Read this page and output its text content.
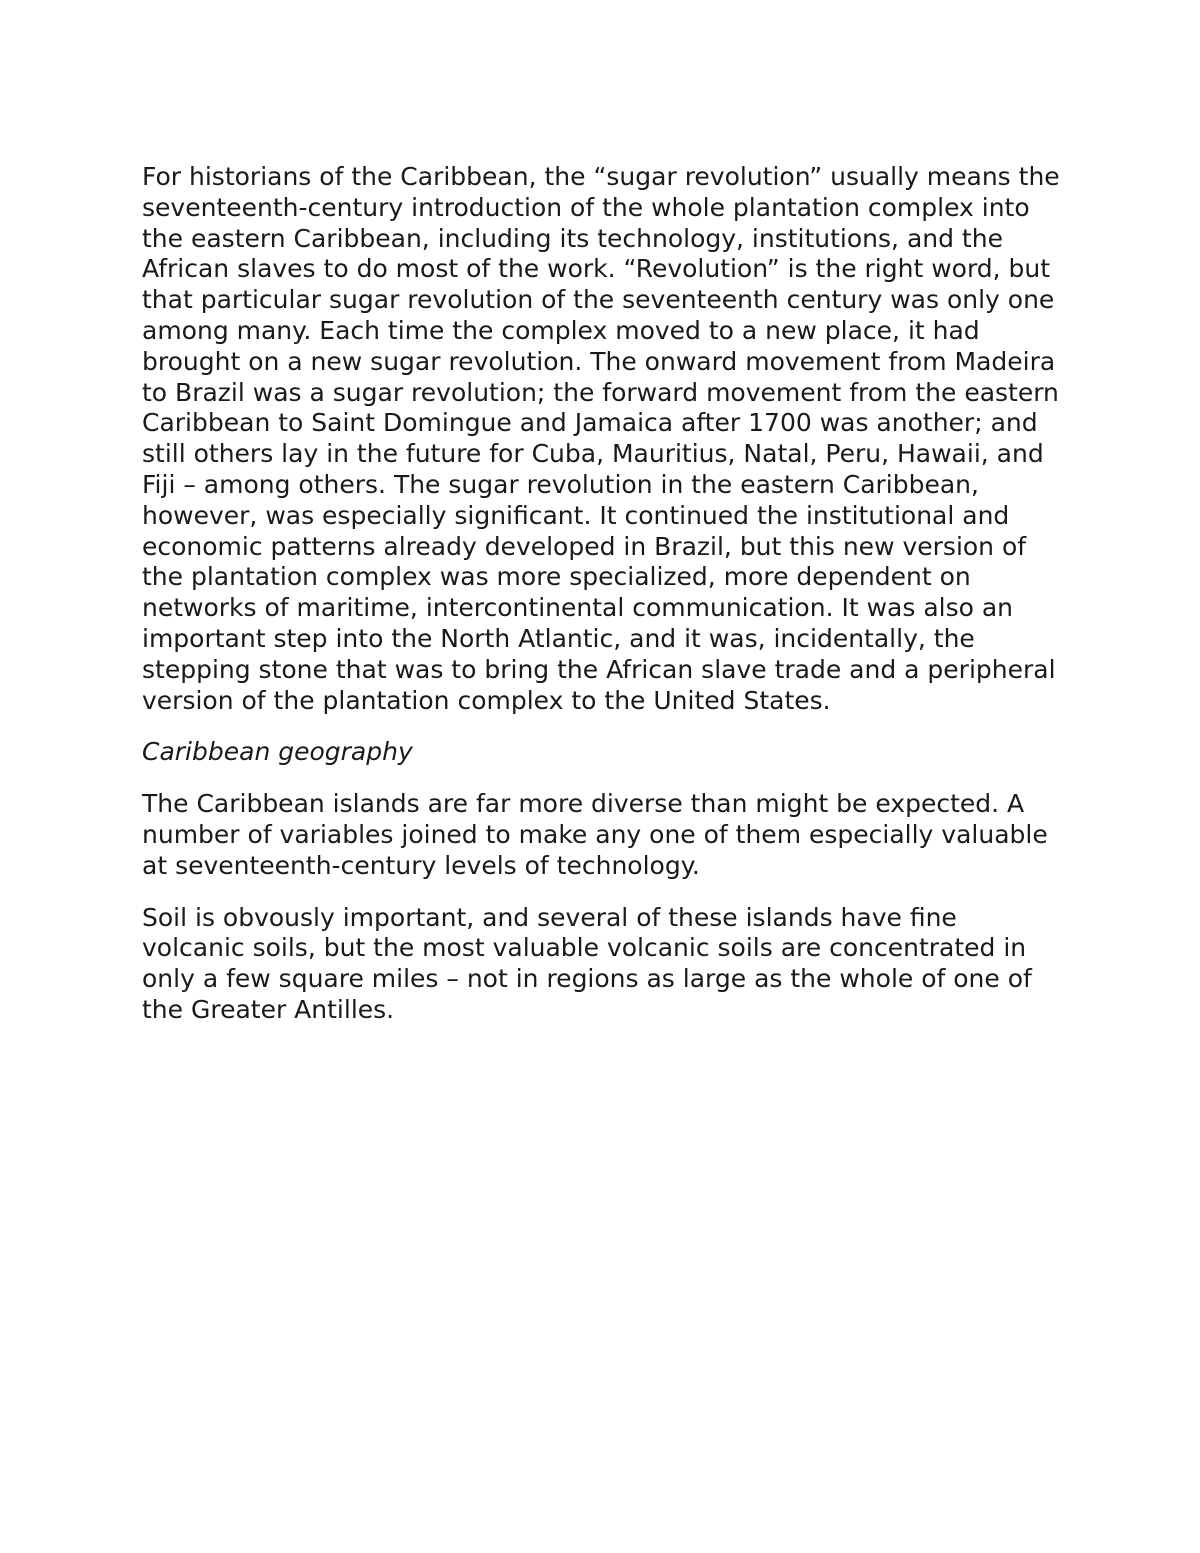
For historians of the Caribbean, the “sugar revolution” usually means the seventeenth-century introduction of the whole plantation complex into the eastern Caribbean, including its technology, institutions, and the African slaves to do most of the work. “Revolution” is the right word, but that particular sugar revolution of the seventeenth century was only one among many. Each time the complex moved to a new place, it had brought on a new sugar revolution. The onward movement from Madeira to Brazil was a sugar revolution; the forward movement from the eastern Caribbean to Saint Domingue and Jamaica after 1700 was another; and still others lay in the future for Cuba, Mauritius, Natal, Peru, Hawaii, and Fiji – among others. The sugar revolution in the eastern Caribbean, however, was especially significant. It continued the institutional and economic patterns already developed in Brazil, but this new version of the plantation complex was more specialized, more dependent on networks of maritime, intercontinental communication. It was also an important step into the North Atlantic, and it was, incidentally, the stepping stone that was to bring the African slave trade and a peripheral version of the plantation complex to the United States.

Caribbean geography

The Caribbean islands are far more diverse than might be expected. A number of variables joined to make any one of them especially valuable at seventeenth-century levels of technology.

Soil is obvously important, and several of these islands have fine volcanic soils, but the most valuable volcanic soils are concentrated in only a few square miles – not in regions as large as the whole of one of the Greater Antilles.
